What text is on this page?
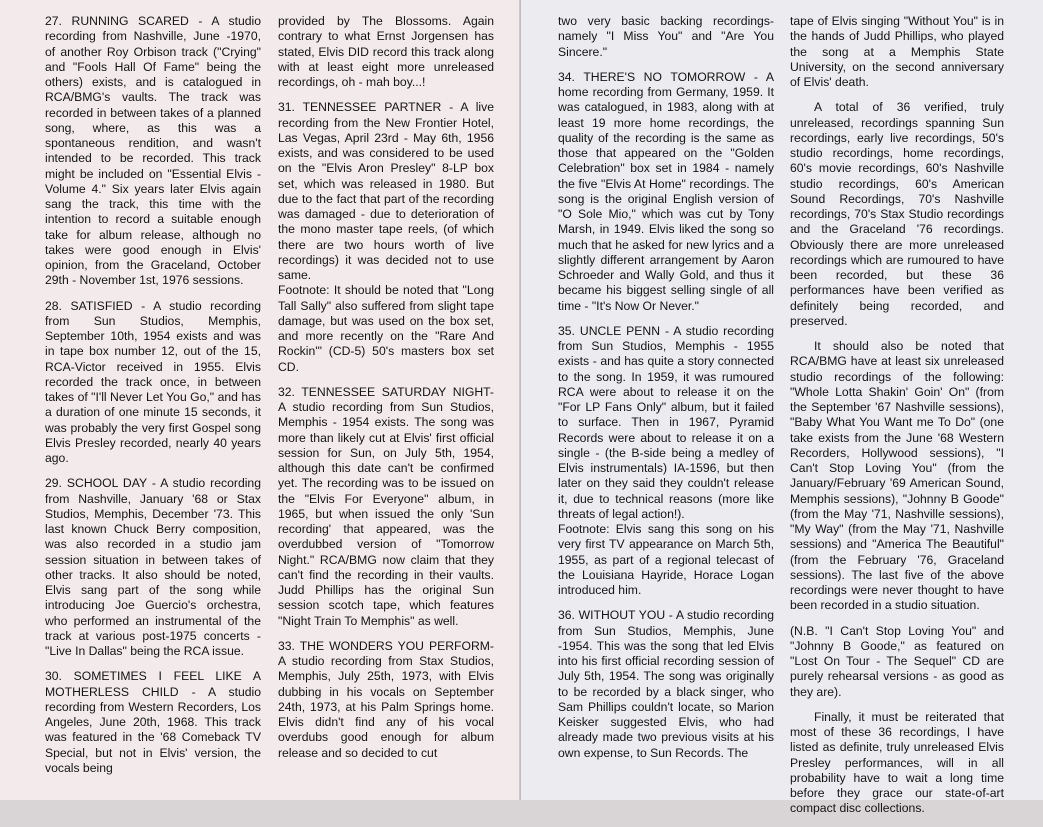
27. RUNNING SCARED - A studio recording from Nashville, June -1970, of another Roy Orbison track ("Crying" and "Fools Hall Of Fame" being the others) exists, and is catalogued in RCA/BMG's vaults. The track was recorded in between takes of a planned song, where, as this was a spontaneous rendition, and wasn't intended to be recorded. This track might be included on "Essential Elvis - Volume 4." Six years later Elvis again sang the track, this time with the intention to record a suitable enough take for album release, although no takes were good enough in Elvis' opinion, from the Graceland, October 29th - November 1st, 1976 sessions.

28. SATISFIED - A studio recording from Sun Studios, Memphis, September 10th, 1954 exists and was in tape box number 12, out of the 15, RCA-Victor received in 1955. Elvis recorded the track once, in between takes of "I'll Never Let You Go," and has a duration of one minute 15 seconds, it was probably the very first Gospel song Elvis Presley recorded, nearly 40 years ago.

29. SCHOOL DAY - A studio recording from Nashville, January '68 or Stax Studios, Memphis, December '73. This last known Chuck Berry composition, was also recorded in a studio jam session situation in between takes of other tracks. It also should be noted, Elvis sang part of the song while introducing Joe Guercio's orchestra, who performed an instrumental of the track at various post-1975 concerts - "Live In Dallas" being the RCA issue.

30. SOMETIMES I FEEL LIKE A MOTHERLESS CHILD - A studio recording from Western Recorders, Los Angeles, June 20th, 1968. This track was featured in the '68 Comeback TV Special, but not in Elvis' version, the vocals being

provided by The Blossoms. Again contrary to what Ernst Jorgensen has stated, Elvis DID record this track along with at least eight more unreleased recordings, oh - mah boy...!

31. TENNESSEE PARTNER - A live recording from the New Frontier Hotel, Las Vegas, April 23rd - May 6th, 1956 exists, and was considered to be used on the "Elvis Aron Presley" 8-LP box set, which was released in 1980. But due to the fact that part of the recording was damaged - due to deterioration of the mono master tape reels, (of which there are two hours worth of live recordings) it was decided not to use same.

Footnote: It should be noted that "Long Tall Sally" also suffered from slight tape damage, but was used on the box set, and more recently on the "Rare And Rockin'" (CD-5) 50's masters box set CD.

32. TENNESSEE SATURDAY NIGHT- A studio recording from Sun Studios, Memphis - 1954 exists. The song was more than likely cut at Elvis' first official session for Sun, on July 5th, 1954, although this date can't be confirmed yet. The recording was to be issued on the "Elvis For Everyone" album, in 1965, but when issued the only 'Sun recording' that appeared, was the overdubbed version of "Tomorrow Night." RCA/BMG now claim that they can't find the recording in their vaults. Judd Phillips has the original Sun session scotch tape, which features "Night Train To Memphis" as well.

33. THE WONDERS YOU PERFORM- A studio recording from Stax Studios, Memphis, July 25th, 1973, with Elvis dubbing in his vocals on September 24th, 1973, at his Palm Springs home. Elvis didn't find any of his vocal overdubs good enough for album release and so decided to cut

two very basic backing recordings- namely "I Miss You" and "Are You Sincere."

34. THERE'S NO TOMORROW - A home recording from Germany, 1959. It was catalogued, in 1983, along with at least 19 more home recordings, the quality of the recording is the same as those that appeared on the "Golden Celebration" box set in 1984 - namely the five "Elvis At Home" recordings. The song is the original English version of "O Sole Mio," which was cut by Tony Marsh, in 1949. Elvis liked the song so much that he asked for new lyrics and a slightly different arrangement by Aaron Schroeder and Wally Gold, and thus it became his biggest selling single of all time - "It's Now Or Never."

35. UNCLE PENN - A studio recording from Sun Studios, Memphis - 1955 exists - and has quite a story connected to the song. In 1959, it was rumoured RCA were about to release it on the "For LP Fans Only" album, but it failed to surface. Then in 1967, Pyramid Records were about to release it on a single - (the B-side being a medley of Elvis instrumentals) IA-1596, but then later on they said they couldn't release it, due to technical reasons (more like threats of legal action!).

Footnote: Elvis sang this song on his very first TV appearance on March 5th, 1955, as part of a regional telecast of the Louisiana Hayride, Horace Logan introduced him.

36. WITHOUT YOU - A studio recording from Sun Studios, Memphis, June -1954. This was the song that led Elvis into his first official recording session of July 5th, 1954. The song was originally to be recorded by a black singer, who Sam Phillips couldn't locate, so Marion Keisker suggested Elvis, who had already made two previous visits at his own expense, to Sun Records. The

tape of Elvis singing "Without You" is in the hands of Judd Phillips, who played the song at a Memphis State University, on the second anniversary of Elvis' death.

A total of 36 verified, truly unreleased, recordings spanning Sun recordings, early live recordings, 50's studio recordings, home recordings, 60's movie recordings, 60's Nashville studio recordings, 60's American Sound Recordings, 70's Nashville recordings, 70's Stax Studio recordings and the Graceland '76 recordings. Obviously there are more unreleased recordings which are rumoured to have been recorded, but these 36 performances have been verified as definitely being recorded, and preserved.

It should also be noted that RCA/BMG have at least six unreleased studio recordings of the following: "Whole Lotta Shakin' Goin' On" (from the September '67 Nashville sessions), "Baby What You Want me To Do" (one take exists from the June '68 Western Recorders, Hollywood sessions), "I Can't Stop Loving You" (from the January/February '69 American Sound, Memphis sessions), "Johnny B Goode" (from the May '71, Nashville sessions), "My Way" (from the May '71, Nashville sessions) and "America The Beautiful" (from the February '76, Graceland sessions). The last five of the above recordings were never thought to have been recorded in a studio situation.

(N.B. "I Can't Stop Loving You" and "Johnny B Goode," as featured on "Lost On Tour - The Sequel" CD are purely rehearsal versions - as good as they are).

Finally, it must be reiterated that most of these 36 recordings, I have listed as definite, truly unreleased Elvis Presley performances, will in all probability have to wait a long time before they grace our state-of-art compact disc collections.
